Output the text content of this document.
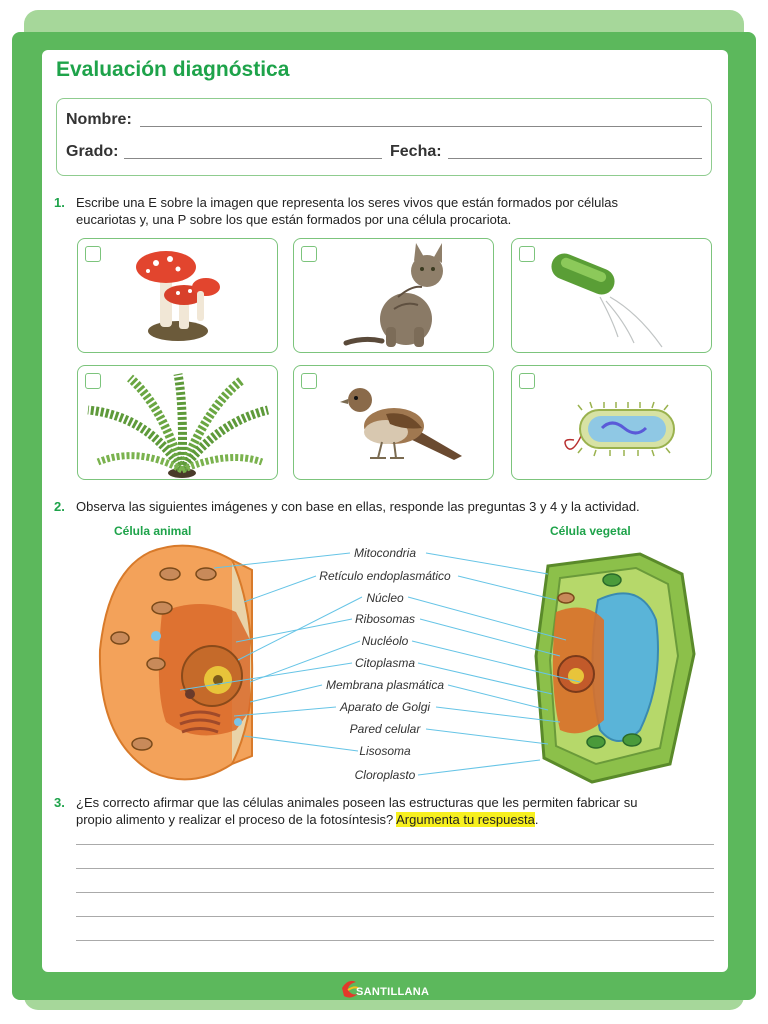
Evaluación diagnóstica
Nombre:
Grado:	Fecha:
1. Escribe una E sobre la imagen que representa los seres vivos que están formados por células
eucariotas y, una P sobre los que están formados por una célula procariota.
2. Observa las siguientes imágenes y con base en ellas, responde las preguntas 3 y 4 y la actividad.
Célula animal	Célula vegetal
Mitocondria
Retículo endoplasmático
Núcleo
Ribosomas
Nucléolo
Citoplasma
Membrana plasmática
Aparato de Golgi
Pared celular
Lisosoma
Cloroplasto
3. ¿Es correcto afirmar que las células animales poseen las estructuras que les permiten fabricar su
propio alimento y realizar el proceso de la fotosíntesis? Argumenta tu respuesta.
SANTILLANA
